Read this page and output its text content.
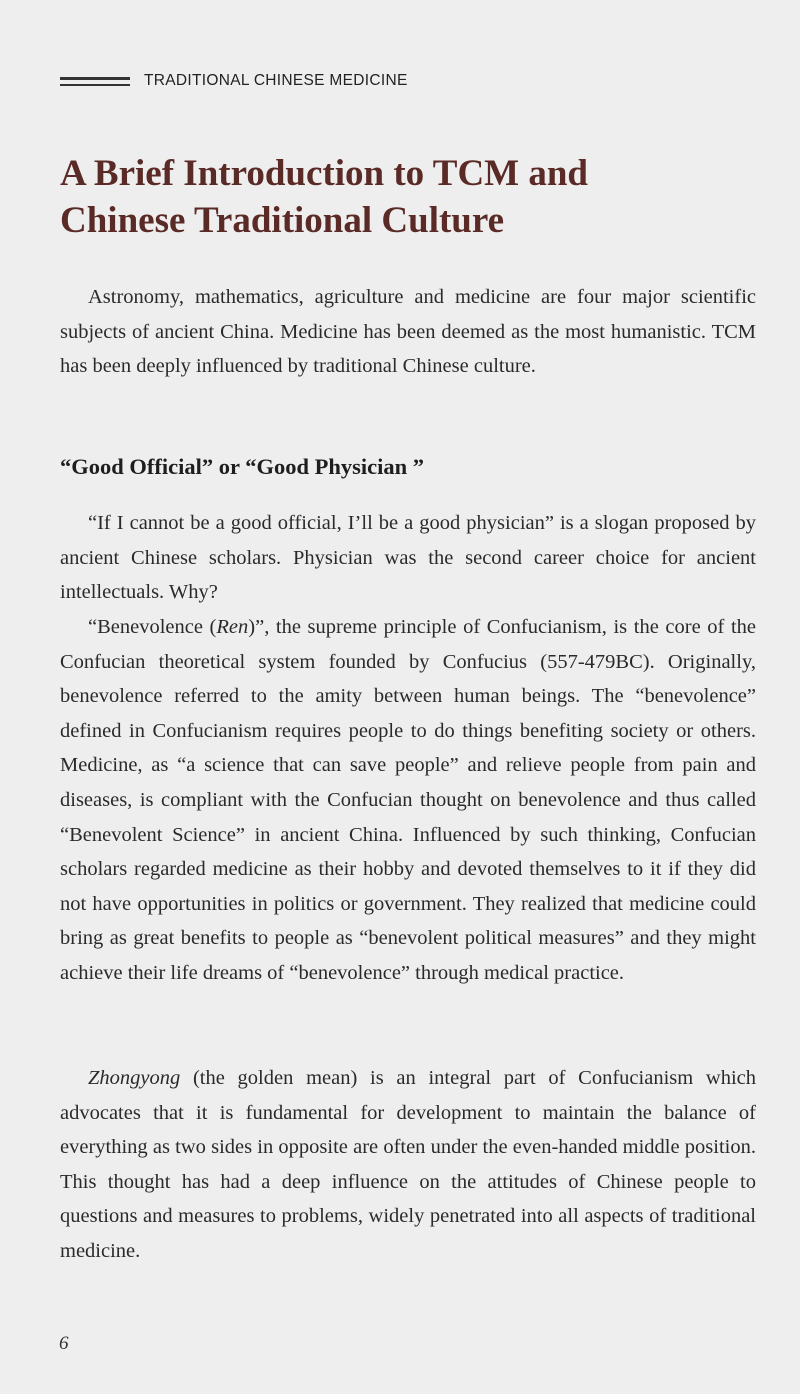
TRADITIONAL CHINESE MEDICINE
A Brief Introduction to TCM and
Chinese Traditional Culture

Astronomy, mathematics, agriculture and medicine are four major scientific subjects of ancient China. Medicine has been deemed as the most humanistic. TCM has been deeply influenced by traditional Chinese culture.

“Good Official” or “Good Physician ”

“If I cannot be a good official, I’ll be a good physician” is a slogan proposed by ancient Chinese scholars. Physician was the second career choice for ancient intellectuals. Why?

“Benevolence (Ren)”, the supreme principle of Confucianism, is the core of the Confucian theoretical system founded by Confucius (557-479BC). Originally, benevolence referred to the amity between human beings. The “benevolence” defined in Confucianism requires people to do things benefiting society or others. Medicine, as “a science that can save people” and relieve people from pain and diseases, is compliant with the Confucian thought on benevolence and thus called “Benevolent Science” in ancient China. Influenced by such thinking, Confucian scholars regarded medicine as their hobby and devoted themselves to it if they did not have opportunities in politics or government. They realized that medicine could bring as great benefits to people as “benevolent political measures” and they might achieve their life dreams of “benevolence” through medical practice.

Zhongyong (the golden mean) is an integral part of Confucianism which advocates that it is fundamental for development to maintain the balance of everything as two sides in opposite are often under the even-handed middle position. This thought has had a deep influence on the attitudes of Chinese people to questions and measures to problems, widely penetrated into all aspects of traditional medicine.

6
